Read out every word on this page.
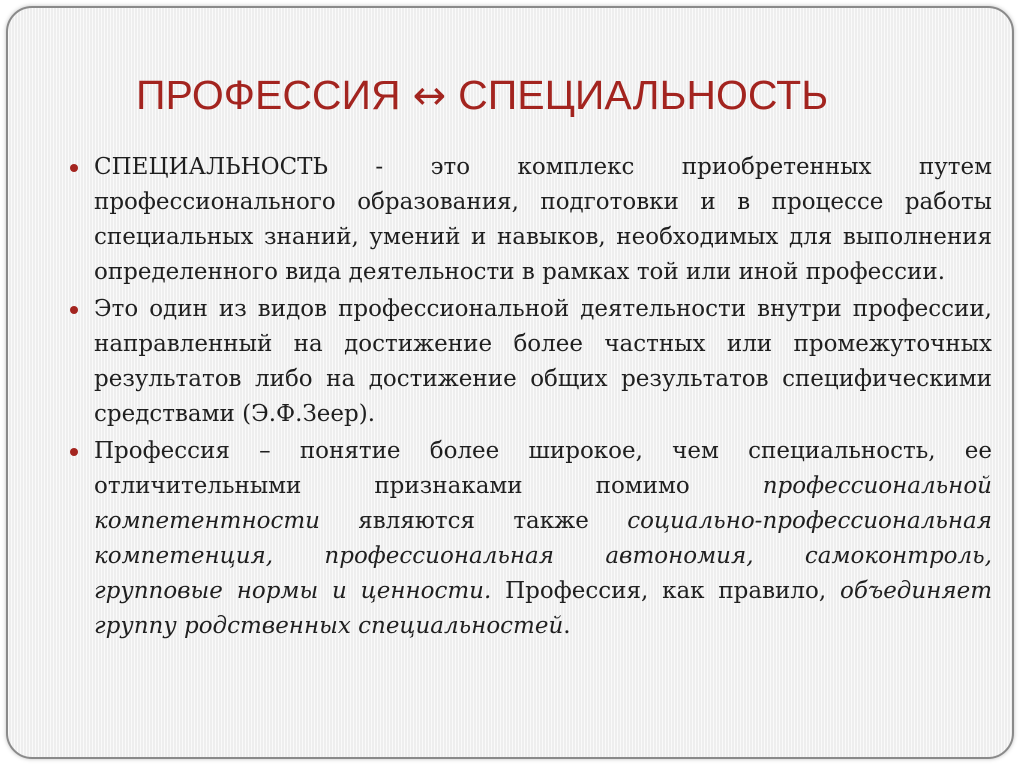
ПРОФЕССИЯ ↔ СПЕЦИАЛЬНОСТЬ
СПЕЦИАЛЬНОСТЬ - это комплекс приобретенных путем профессионального образования, подготовки и в процессе работы специальных знаний, умений и навыков, необходимых для выполнения определенного вида деятельности в рамках той или иной профессии.
Это один из видов профессиональной деятельности внутри профессии, направленный на достижение более частных или промежуточных результатов либо на достижение общих результатов специфическими средствами (Э.Ф.Зеер).
Профессия – понятие более широкое, чем специальность, ее отличительными признаками помимо профессиональной компетентности являются также социально-профессиональная компетенция, профессиональная автономия, самоконтроль, групповые нормы и ценности. Профессия, как правило, объединяет группу родственных специальностей.
